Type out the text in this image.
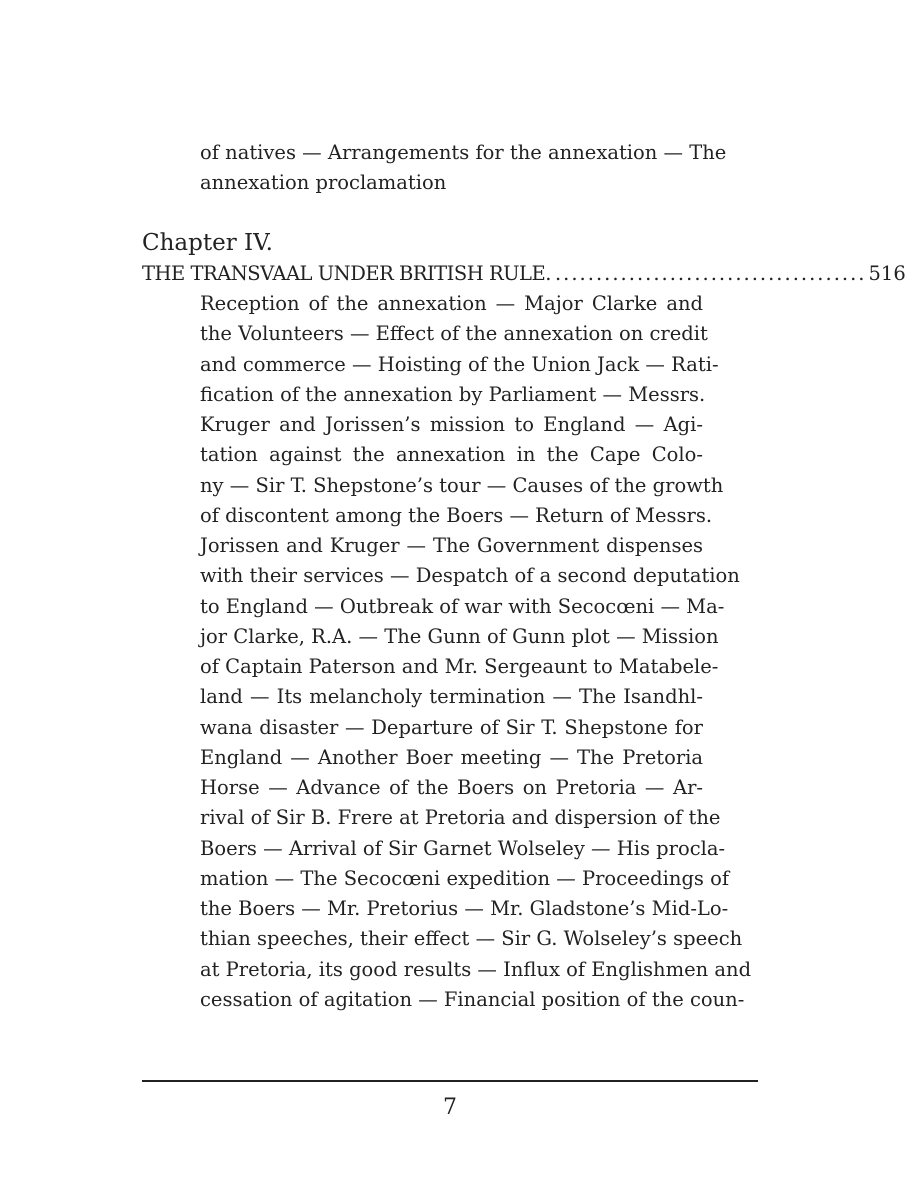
of natives — Arrangements for the annexation — The
annexation proclamation
Chapter IV.
THE TRANSVAAL UNDER BRITISH RULE. ...................................... 516
Reception of the annexation — Major Clarke and
the Volunteers — Effect of the annexation on credit
and commerce — Hoisting of the Union Jack — Rati-
fication of the annexation by Parliament — Messrs.
Kruger and Jorissen’s mission to England — Agi-
tation against the annexation in the Cape Colo-
ny — Sir T. Shepstone’s tour — Causes of the growth
of discontent among the Boers — Return of Messrs.
Jorissen and Kruger — The Government dispenses
with their services — Despatch of a second deputation
to England — Outbreak of war with Secocœni — Ma-
jor Clarke, R.A. — The Gunn of Gunn plot — Mission
of Captain Paterson and Mr. Sergeaunt to Matabele-
land — Its melancholy termination — The Isandhl-
wana disaster — Departure of Sir T. Shepstone for
England — Another Boer meeting — The Pretoria
Horse — Advance of the Boers on Pretoria — Ar-
rival of Sir B. Frere at Pretoria and dispersion of the
Boers — Arrival of Sir Garnet Wolseley — His procla-
mation — The Secocœni expedition — Proceedings of
the Boers — Mr. Pretorius — Mr. Gladstone’s Mid-Lo-
thian speeches, their effect — Sir G. Wolseley’s speech
at Pretoria, its good results — Influx of Englishmen and
cessation of agitation — Financial position of the coun-
7
